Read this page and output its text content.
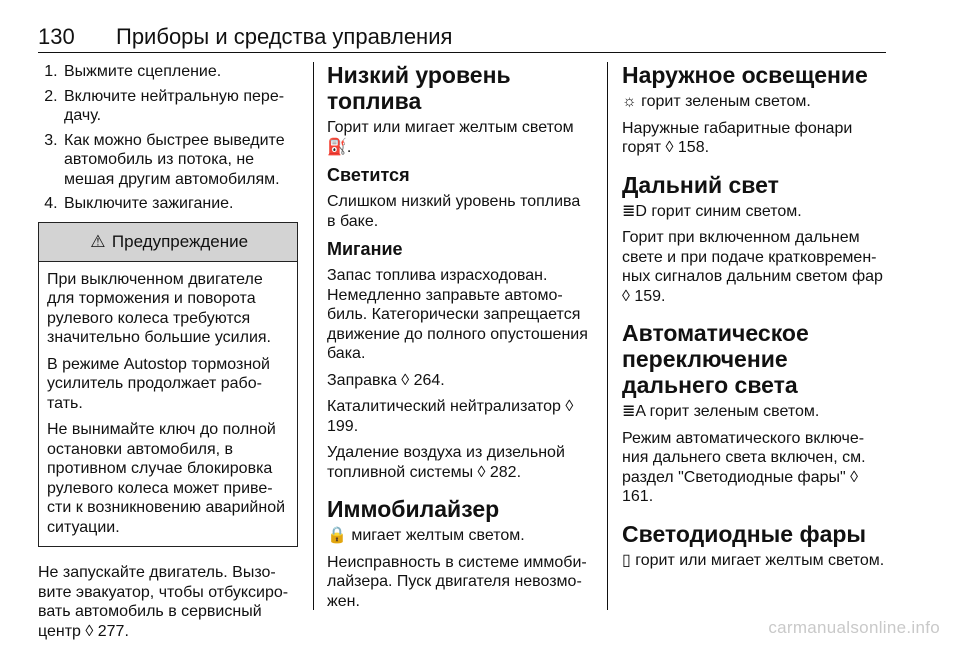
130 Приборы и средства управления
1. Выжмите сцепление.
2. Включите нейтральную пере-дачу.
3. Как можно быстрее выведите автомобиль из потока, не мешая другим автомобилям.
4. Выключите зажигание.
⚠ Предупреждение

При выключенном двигателе для торможения и поворота рулевого колеса требуются значительно большие усилия.

В режиме Autostop тормозной усилитель продолжает рабо-тать.

Не вынимайте ключ до полной остановки автомобиля, в противном случае блокировка рулевого колеса может приве-сти к возникновению аварийной ситуации.

Не запускайте двигатель. Вызо-вите эвакуатор, чтобы отбуксиро-вать автомобиль в сервисный центр ◊ 277.

Низкий уровень топлива

Горит или мигает желтым светом ⛽.

Светится

Слишком низкий уровень топлива в баке.

Мигание

Запас топлива израсходован. Немедленно заправьте автомо-биль. Категорически запрещается движение до полного опустошения бака.

Заправка ◊ 264.

Каталитический нейтрализатор ◊ 199.

Удаление воздуха из дизельной топливной системы ◊ 282.

Иммобилайзер

🔒 мигает желтым светом.

Неисправность в системе иммоби-лайзера. Пуск двигателя невозмо-жен.

Наружное освещение

☼ горит зеленым светом.

Наружные габаритные фонари горят ◊ 158.

Дальний свет

≣D горит синим светом.

Горит при включенном дальнем свете и при подаче кратковремен-ных сигналов дальним светом фар ◊ 159.

Автоматическое переключение дальнего света

≣A горит зеленым светом.

Режим автоматического включе-ния дальнего света включен, см. раздел "Светодиодные фары" ◊ 161.

Светодиодные фары

▯ горит или мигает желтым светом.

carmanualsonline.info
